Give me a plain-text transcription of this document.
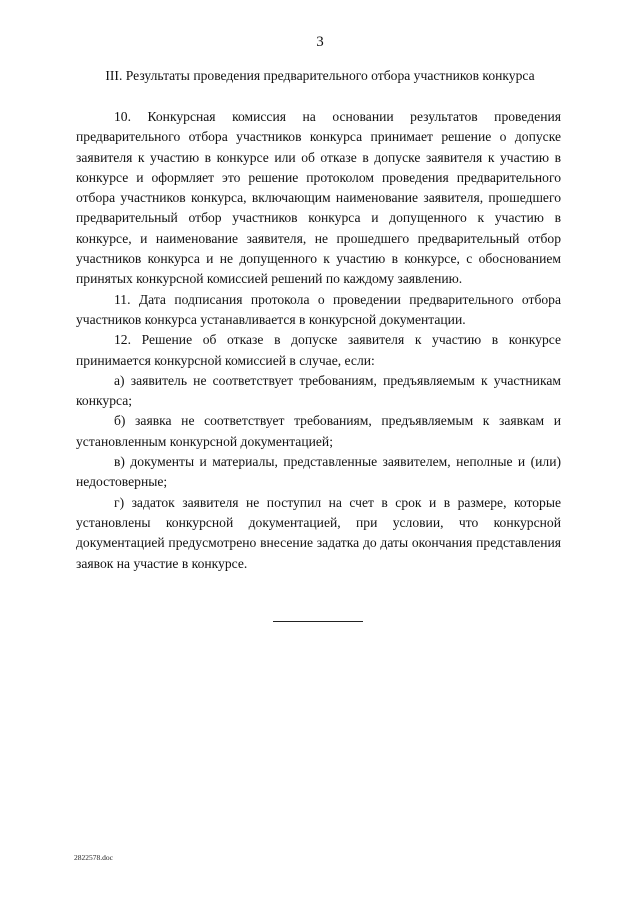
3
III. Результаты проведения предварительного отбора участников конкурса

10. Конкурсная комиссия на основании результатов проведения предварительного отбора участников конкурса принимает решение о допуске заявителя к участию в конкурсе или об отказе в допуске заявителя к участию в конкурсе и оформляет это решение протоколом проведения предварительного отбора участников конкурса, включающим наименование заявителя, прошедшего предварительный отбор участников конкурса и допущенного к участию в конкурсе, и наименование заявителя, не прошедшего предварительный отбор участников конкурса и не допущенного к участию в конкурсе, с обоснованием принятых конкурсной комиссией решений по каждому заявлению.

11. Дата подписания протокола о проведении предварительного отбора участников конкурса устанавливается в конкурсной документации.

12. Решение об отказе в допуске заявителя к участию в конкурсе принимается конкурсной комиссией в случае, если:

а) заявитель не соответствует требованиям, предъявляемым к участникам конкурса;

б) заявка не соответствует требованиям, предъявляемым к заявкам и установленным конкурсной документацией;

в) документы и материалы, представленные заявителем, неполные и (или) недостоверные;

г) задаток заявителя не поступил на счет в срок и в размере, которые установлены конкурсной документацией, при условии, что конкурсной документацией предусмотрено внесение задатка до даты окончания представления заявок на участие в конкурсе.

2822578.doc
